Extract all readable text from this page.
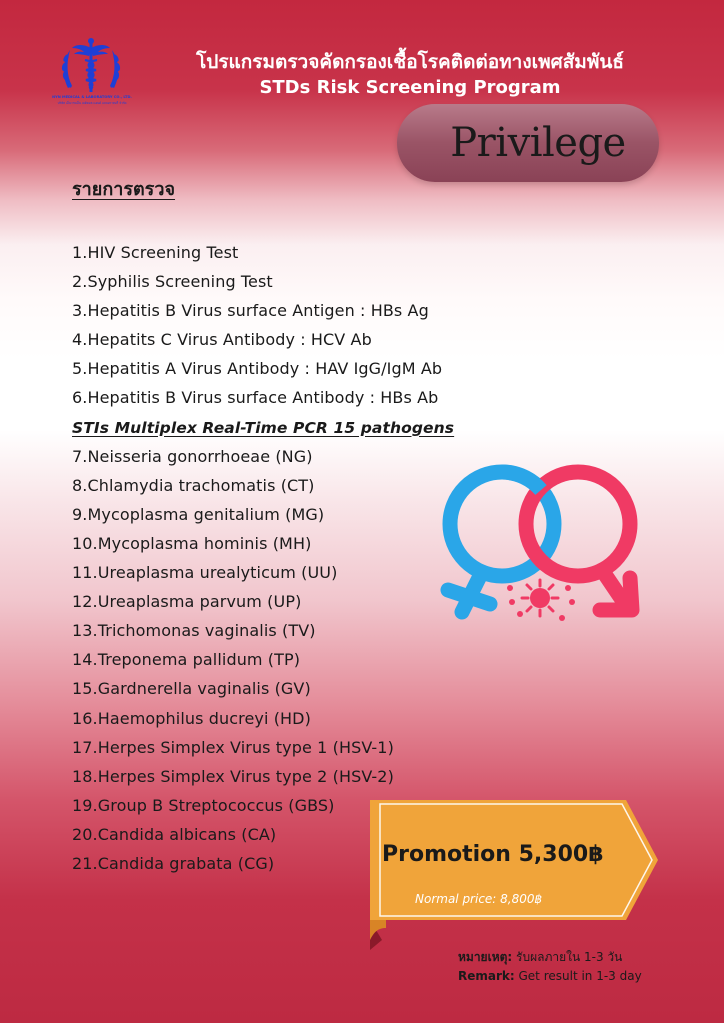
NYN MEDICAL & LABORATORY CO., LTD.
บริษัท เอ็นวายเอ็น เมดิคอล แอนด์ แลบอราทอรี่ จำกัด
โปรแกรมตรวจคัดกรองเชื้อโรคติดต่อทางเพศสัมพันธ์
STDs Risk Screening Program
Privilege
รายการตรวจ
1.HIV Screening Test
2.Syphilis Screening Test
3.Hepatitis B Virus surface Antigen : HBs Ag
4.Hepatits C Virus Antibody : HCV Ab
5.Hepatitis A Virus Antibody : HAV IgG/IgM Ab
6.Hepatitis B Virus surface Antibody : HBs Ab
STIs Multiplex Real-Time PCR 15 pathogens
7.Neisseria gonorrhoeae (NG)
8.Chlamydia trachomatis (CT)
9.Mycoplasma genitalium (MG)
10.Mycoplasma hominis (MH)
11.Ureaplasma urealyticum (UU)
12.Ureaplasma parvum (UP)
13.Trichomonas vaginalis (TV)
14.Treponema pallidum (TP)
15.Gardnerella vaginalis (GV)
16.Haemophilus ducreyi (HD)
17.Herpes Simplex Virus type 1 (HSV-1)
18.Herpes Simplex Virus type 2 (HSV-2)
19.Group B Streptococcus (GBS)
20.Candida albicans (CA)
21.Candida grabata (CG)	Promotion 5,300฿
Normal price: 8,800฿
หมายเหตุ: รับผลภายใน 1-3 วัน
Remark: Get result in 1-3 day
